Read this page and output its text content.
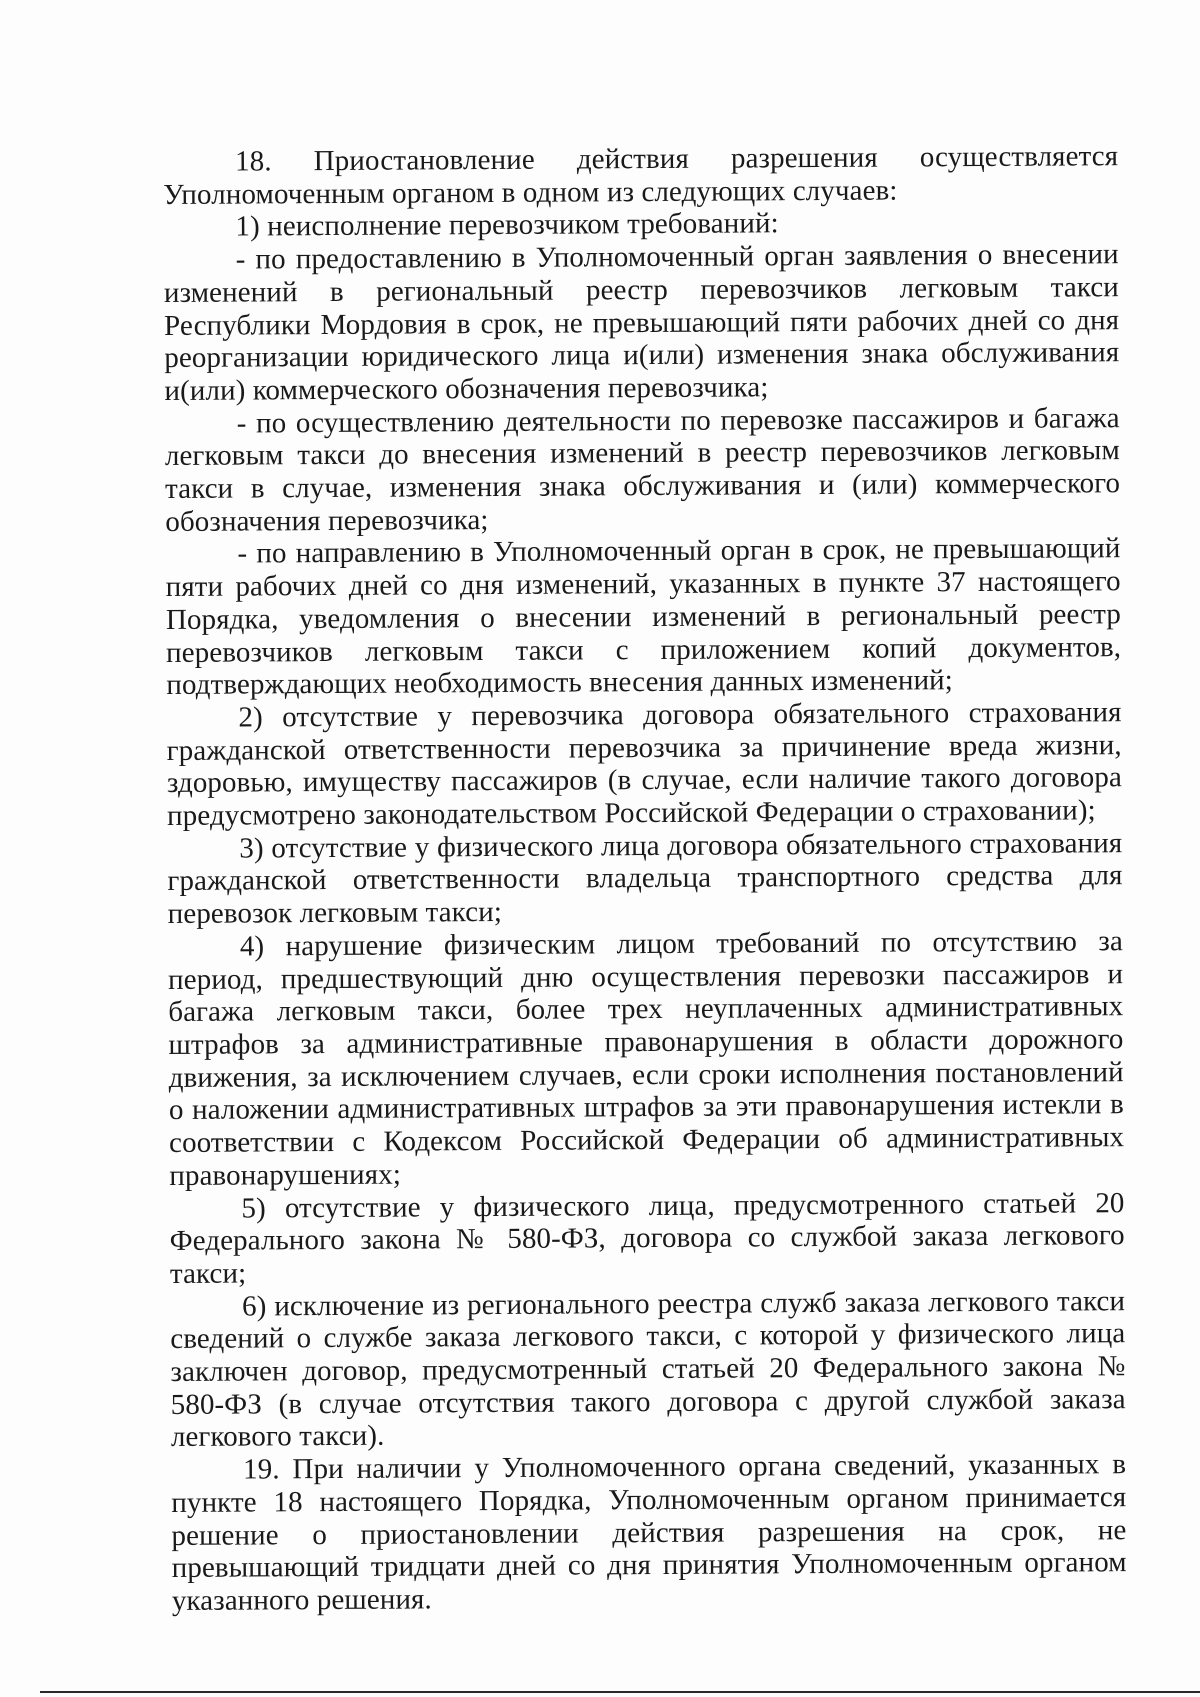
18. Приостановление действия разрешения осуществляется Уполномоченным органом в одном из следующих случаев:

1) неисполнение перевозчиком требований:

- по предоставлению в Уполномоченный орган заявления о внесении изменений в региональный реестр перевозчиков легковым такси Республики Мордовия в срок, не превышающий пяти рабочих дней со дня реорганизации юридического лица и(или) изменения знака обслуживания и(или) коммерческого обозначения перевозчика;

- по осуществлению деятельности по перевозке пассажиров и багажа легковым такси до внесения изменений в реестр перевозчиков легковым такси в случае, изменения знака обслуживания и (или) коммерческого обозначения перевозчика;

- по направлению в Уполномоченный орган в срок, не превышающий пяти рабочих дней со дня изменений, указанных в пункте 37 настоящего Порядка, уведомления о внесении изменений в региональный реестр перевозчиков легковым такси с приложением копий документов, подтверждающих необходимость внесения данных изменений;

2) отсутствие у перевозчика договора обязательного страхования гражданской ответственности перевозчика за причинение вреда жизни, здоровью, имуществу пассажиров (в случае, если наличие такого договора предусмотрено законодательством Российской Федерации о страховании);

3) отсутствие у физического лица договора обязательного страхования гражданской ответственности владельца транспортного средства для перевозок легковым такси;

4) нарушение физическим лицом требований по отсутствию за период, предшествующий дню осуществления перевозки пассажиров и багажа легковым такси, более трех неуплаченных административных штрафов за административные правонарушения в области дорожного движения, за исключением случаев, если сроки исполнения постановлений о наложении административных штрафов за эти правонарушения истекли в соответствии с Кодексом Российской Федерации об административных правонарушениях;

5) отсутствие у физического лица, предусмотренного статьей 20 Федерального закона № 580-ФЗ, договора со службой заказа легкового такси;

6) исключение из регионального реестра служб заказа легкового такси сведений о службе заказа легкового такси, с которой у физического лица заключен договор, предусмотренный статьей 20 Федерального закона № 580-ФЗ (в случае отсутствия такого договора с другой службой заказа легкового такси).

19. При наличии у Уполномоченного органа сведений, указанных в пункте 18 настоящего Порядка, Уполномоченным органом принимается решение о приостановлении действия разрешения на срок, не превышающий тридцати дней со дня принятия Уполномоченным органом указанного решения.
